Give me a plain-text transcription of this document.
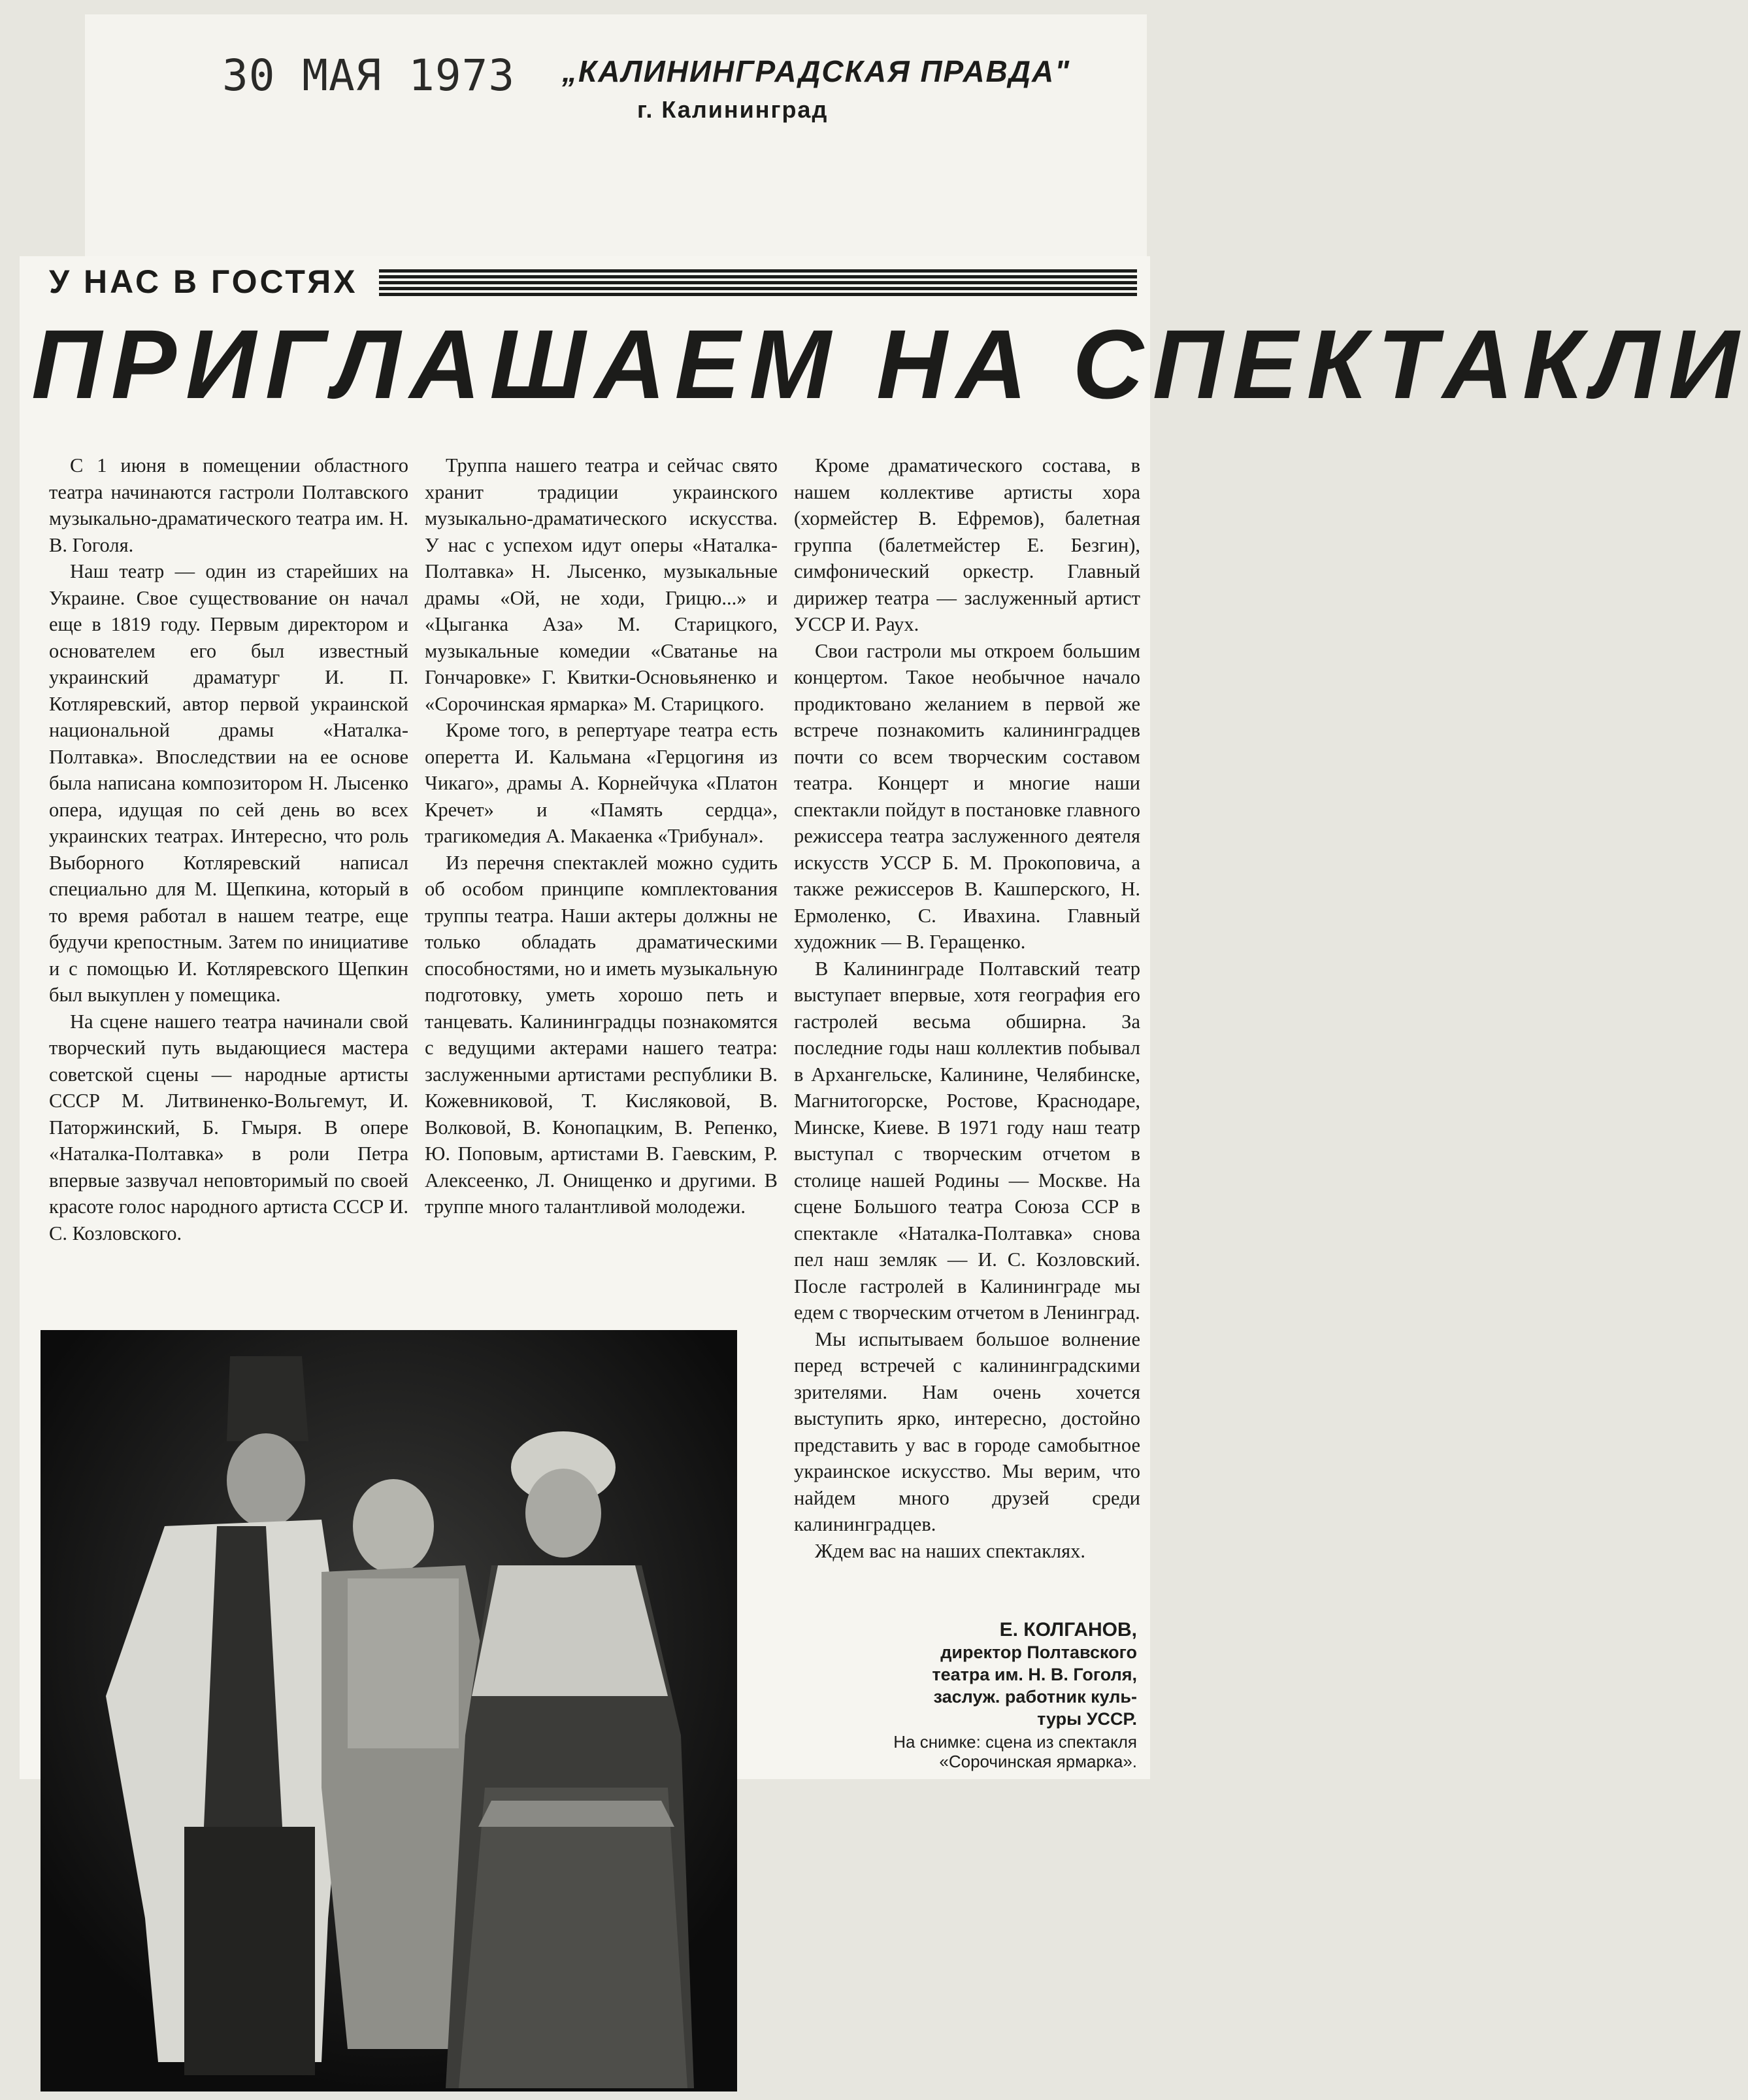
30 МАЯ 1973 „КАЛИНИНГРАДСКАЯ ПРАВДА"
г. Калининград
У НАС В ГОСТЯХ
ПРИГЛАШАЕМ НА СПЕКТАКЛИ

С 1 июня в помещении областного театра начинаются гастроли Полтавского музыкально-драматического театра им. Н. В. Гоголя.

Наш театр — один из старейших на Украине. Свое существование он начал еще в 1819 году. Первым директором и основателем его был известный украинский драматург И. П. Котляревский, автор первой украинской национальной драмы «Наталка-Полтавка». Впоследствии на ее основе была написана композитором Н. Лысенко опера, идущая по сей день во всех украинских театрах. Интересно, что роль Выборного Котляревский написал специально для М. Щепкина, который в то время работал в нашем театре, еще будучи крепостным. Затем по инициативе и с помощью И. Котляревского Щепкин был выкуплен у помещика.

На сцене нашего театра начинали свой творческий путь выдающиеся мастера советской сцены — народные артисты СССР М. Литвиненко-Вольгемут, И. Паторжинский, Б. Гмыря. В опере «Наталка-Полтавка» в роли Петра впервые зазвучал неповторимый по своей красоте голос народного артиста СССР И. С. Козловского.

Труппа нашего театра и сейчас свято хранит традиции украинского музыкально-драматического искусства. У нас с успехом идут оперы «Наталка-Полтавка» Н. Лысенко, музыкальные драмы «Ой, не ходи, Грицю...» и «Цыганка Аза» М. Старицкого, музыкальные комедии «Сватанье на Гончаровке» Г. Квитки-Основьяненко и «Сорочинская ярмарка» М. Старицкого.

Кроме того, в репертуаре театра есть оперетта И. Кальмана «Герцогиня из Чикаго», драмы А. Корнейчука «Платон Кречет» и «Память сердца», трагикомедия А. Макаенка «Трибунал».

Из перечня спектаклей можно судить об особом принципе комплектования труппы театра. Наши актеры должны не только обладать драматическими способностями, но и иметь музыкальную подготовку, уметь хорошо петь и танцевать. Калининградцы познакомятся с ведущими актерами нашего театра: заслуженными артистами республики В. Кожевниковой, Т. Кисляковой, В. Волковой, В. Конопацким, В. Репенко, Ю. Поповым, артистами В. Гаевским, Р. Алексеенко, Л. Онищенко и другими. В труппе много талантливой молодежи.

Кроме драматического состава, в нашем коллективе артисты хора (хормейстер В. Ефремов), балетная группа (балетмейстер Е. Безгин), симфонический оркестр. Главный дирижер театра — заслуженный артист УССР И. Раух.

Свои гастроли мы откроем большим концертом. Такое необычное начало продиктовано желанием в первой же встрече познакомить калининградцев почти со всем творческим составом театра. Концерт и многие наши спектакли пойдут в постановке главного режиссера театра заслуженного деятеля искусств УССР Б. М. Прокоповича, а также режиссеров В. Кашперского, Н. Ермоленко, С. Ивахина. Главный художник — В. Геращенко.

В Калининграде Полтавский театр выступает впервые, хотя география его гастролей весьма обширна. За последние годы наш коллектив побывал в Архангельске, Калинине, Челябинске, Магнитогорске, Ростове, Краснодаре, Минске, Киеве. В 1971 году наш театр выступал с творческим отчетом в столице нашей Родины — Москве. На сцене Большого театра Союза ССР в спектакле «Наталка-Полтавка» снова пел наш земляк — И. С. Козловский. После гастролей в Калининграде мы едем с творческим отчетом в Ленинград.

Мы испытываем большое волнение перед встречей с калининградскими зрителями. Нам очень хочется выступить ярко, интересно, достойно представить у вас в городе самобытное украинское искусство. Мы верим, что найдем много друзей среди калининградцев.

Ждем вас на наших спектаклях.

Е. КОЛГАНОВ,
директор Полтавского
театра им. Н. В. Гоголя,
заслуж. работник куль-
туры УССР.
На снимке: сцена из спектакля «Сорочинская ярмарка».
